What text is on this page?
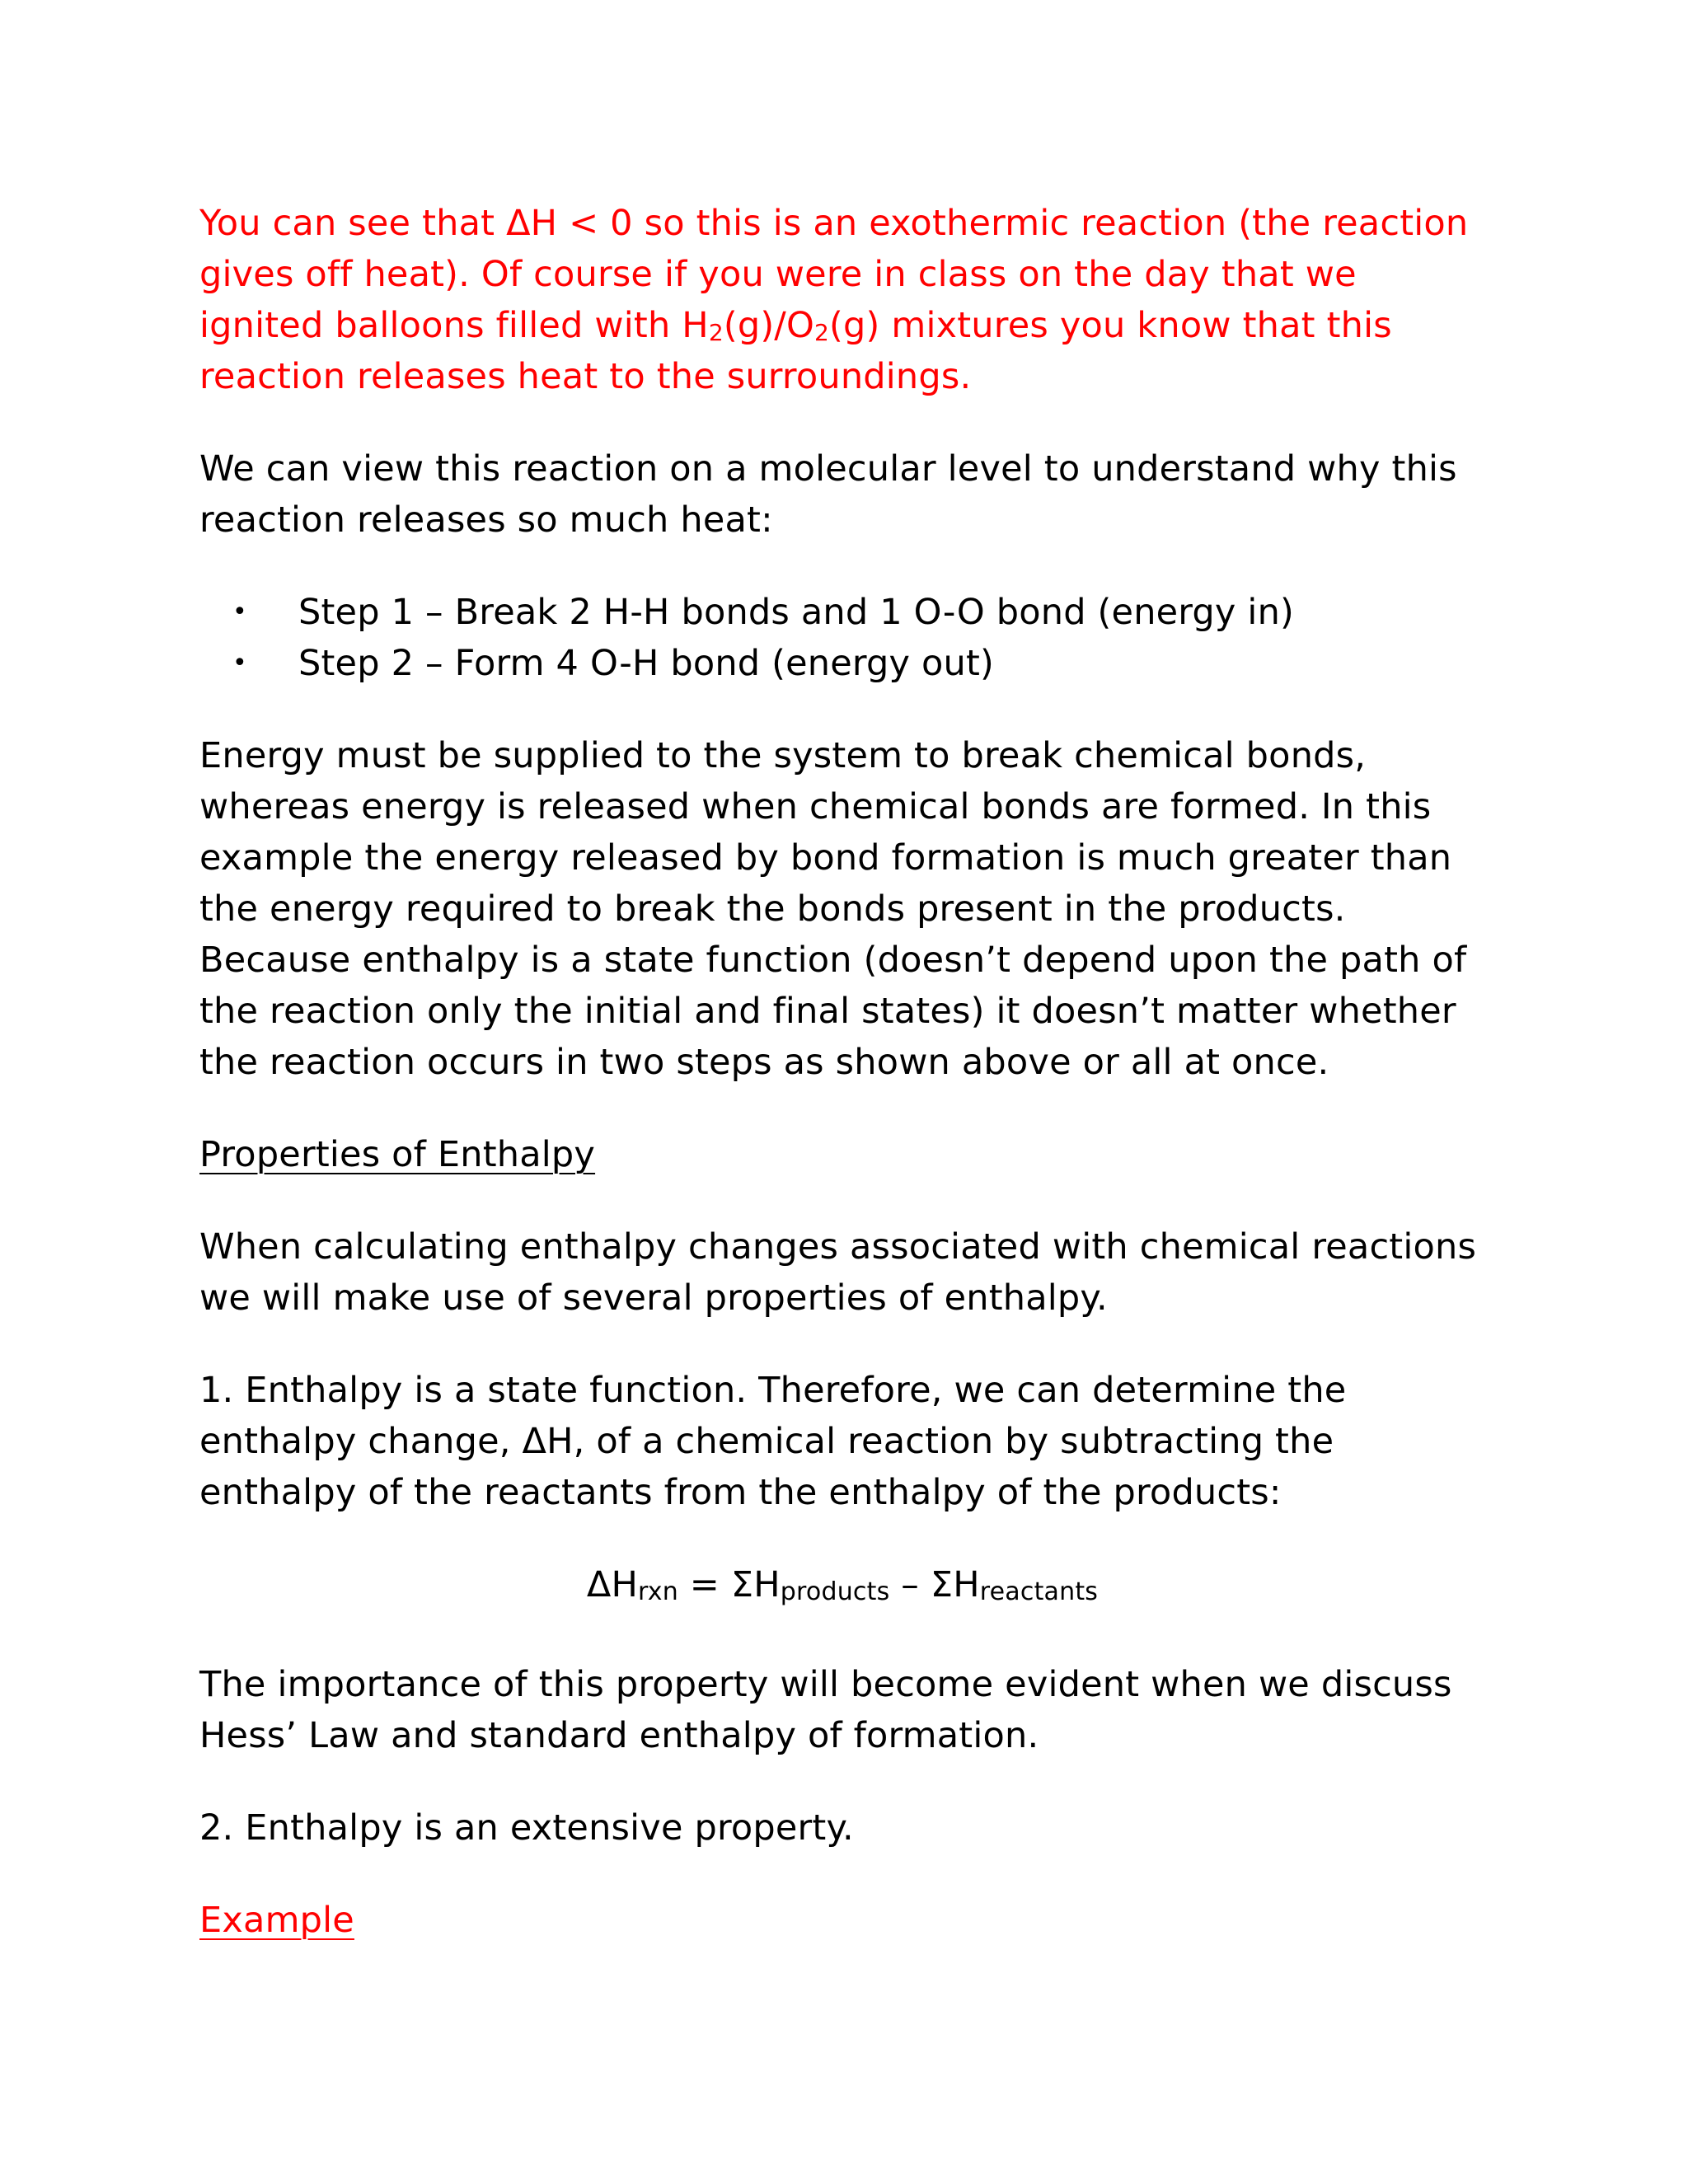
You can see that ΔH < 0 so this is an exothermic reaction (the reaction gives off heat). Of course if you were in class on the day that we ignited balloons filled with $H_2(g)/O_2(g)$ mixtures you know that this reaction releases heat to the surroundings.

We can view this reaction on a molecular level to understand why this reaction releases so much heat:

• Step 1 – Break 2 H-H bonds and 1 O-O bond (energy in)
• Step 2 – Form 4 O-H bond (energy out)

Energy must be supplied to the system to break chemical bonds, whereas energy is released when chemical bonds are formed. In this example the energy released by bond formation is much greater than the energy required to break the bonds present in the products. Because enthalpy is a state function (doesn’t depend upon the path of the reaction only the initial and final states) it doesn’t matter whether the reaction occurs in two steps as shown above or all at once.

Properties of Enthalpy

When calculating enthalpy changes associated with chemical reactions we will make use of several properties of enthalpy.

1. Enthalpy is a state function. Therefore, we can determine the enthalpy change, ΔH, of a chemical reaction by subtracting the enthalpy of the reactants from the enthalpy of the products:

ΔHrxn = ΣHproducts – ΣHreactants

The importance of this property will become evident when we discuss Hess’ Law and standard enthalpy of formation.

2. Enthalpy is an extensive property.

Example
